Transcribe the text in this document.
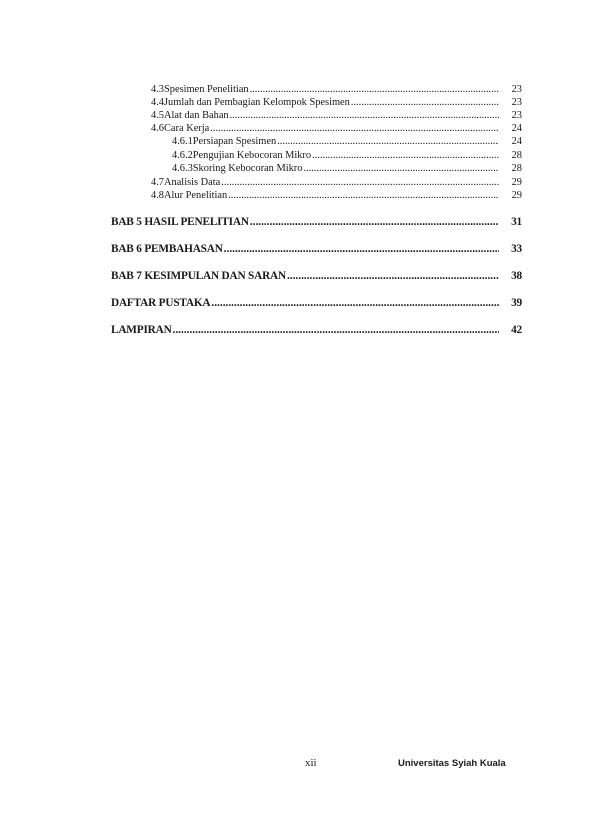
4.3 Spesimen Penelitian .....	23
4.4 Jumlah dan Pembagian Kelompok Spesimen .....	23
4.5 Alat dan Bahan .....	23
4.6 Cara Kerja .....	24
4.6.1 Persiapan Spesimen .....	24
4.6.2 Pengujian Kebocoran Mikro .....	28
4.6.3 Skoring Kebocoran Mikro .....	28
4.7 Analisis Data .....	29
4.8 Alur Penelitian .....	29
BAB 5 HASIL PENELITIAN .....	31
BAB 6 PEMBAHASAN .....	33
BAB 7 KESIMPULAN DAN SARAN .....	38
DAFTAR PUSTAKA .....	39
LAMPIRAN .....	42
xii	Universitas Syiah Kuala
